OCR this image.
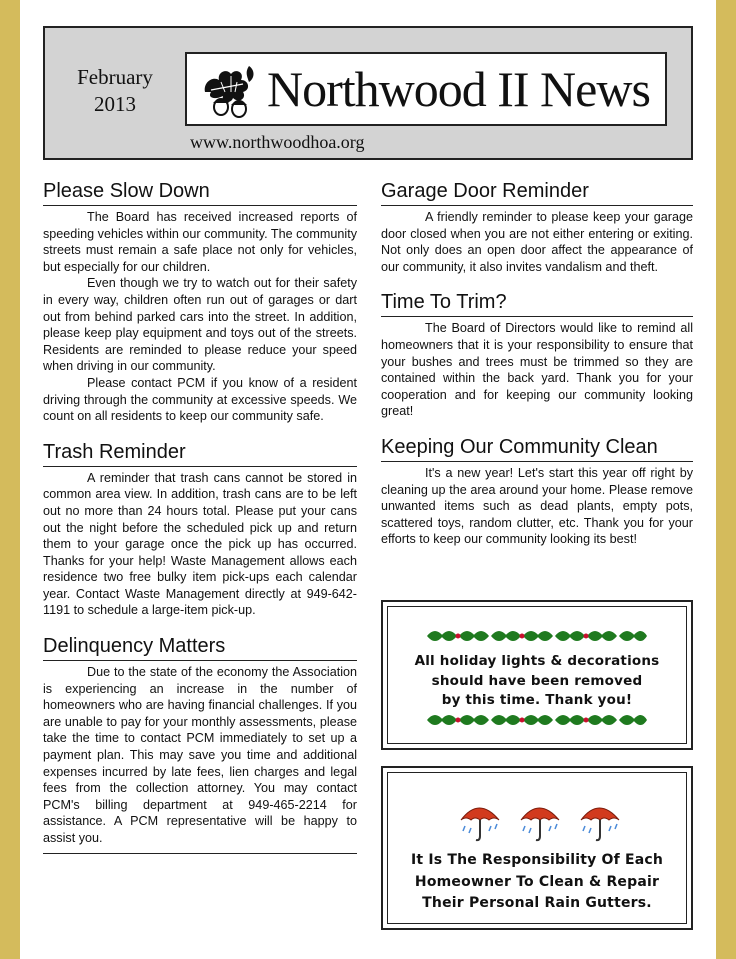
February
2013	Northwood II News
www.northwoodhoa.org
Please Slow Down

The Board has received increased reports of speeding vehicles within our community. The community streets must remain a safe place not only for vehicles, but especially for our children.

Even though we try to watch out for their safety in every way, children often run out of garages or dart out from behind parked cars into the street. In addition, please keep play equipment and toys out of the streets. Residents are reminded to please reduce your speed when driving in our community.

Please contact PCM if you know of a resident driving through the community at excessive speeds. We count on all residents to keep our community safe.

Trash Reminder

A reminder that trash cans cannot be stored in common area view. In addition, trash cans are to be left out no more than 24 hours total. Please put your cans out the night before the scheduled pick up and return them to your garage once the pick up has occurred. Thanks for your help! Waste Management allows each residence two free bulky item pick-ups each calendar year. Contact Waste Management directly at 949-642-1191 to schedule a large-item pick-up.

Delinquency Matters

Due to the state of the economy the Association is experiencing an increase in the number of homeowners who are having financial challenges. If you are unable to pay for your monthly assessments, please take the time to contact PCM immediately to set up a payment plan. This may save you time and additional expenses incurred by late fees, lien charges and legal fees from the collection attorney. You may contact PCM's billing department at 949-465-2214 for assistance. A PCM representative will be happy to assist you.

Garage Door Reminder

A friendly reminder to please keep your garage door closed when you are not either entering or exiting. Not only does an open door affect the appearance of our community, it also invites vandalism and theft.

Time To Trim?

The Board of Directors would like to remind all homeowners that it is your responsibility to ensure that your bushes and trees must be trimmed so they are contained within the back yard. Thank you for your cooperation and for keeping our community looking great!

Keeping Our Community Clean

It's a new year! Let's start this year off right by cleaning up the area around your home. Please remove unwanted items such as dead plants, empty pots, scattered toys, random clutter, etc. Thank you for your efforts to keep our community looking its best!

All holiday lights & decorations
should have been removed
by this time. Thank you!
It Is The Responsibility Of Each
Homeowner To Clean & Repair
Their Personal Rain Gutters.
